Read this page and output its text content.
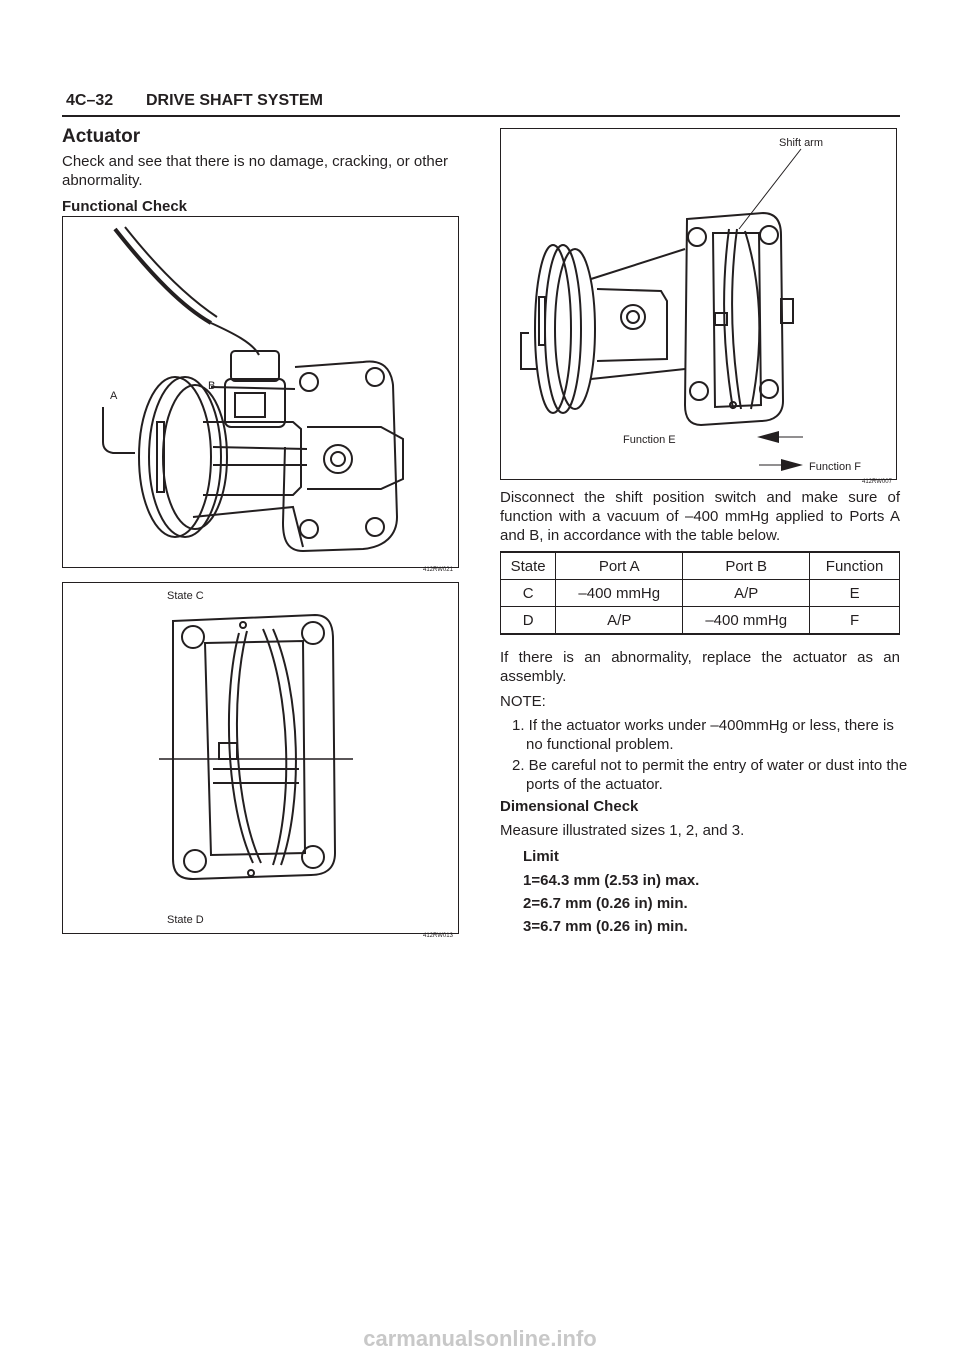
4C–32 DRIVE SHAFT SYSTEM
Actuator
Check and see that there is no damage, cracking, or other abnormality.
Functional Check
A
B
412RW021
State C
State D
412RW013
Shift arm
Function E
Function F
412RW007
Disconnect the shift position switch and make sure of function with a vacuum of –400 mmHg applied to Ports A and B, in accordance with the table below.
State	Port A	Port B	Function
C	–400 mmHg	A/P	E
D	A/P	–400 mmHg	F
If there is an abnormality, replace the actuator as an assembly.
NOTE:
1. If the actuator works under –400mmHg or less, there is no functional problem.
2. Be careful not to permit the entry of water or dust into the ports of the actuator.
Dimensional Check
Measure illustrated sizes 1, 2, and 3.
Limit
1=64.3 mm (2.53 in) max.
2=6.7 mm (0.26 in) min.
3=6.7 mm (0.26 in) min.
carmanualsonline.info
